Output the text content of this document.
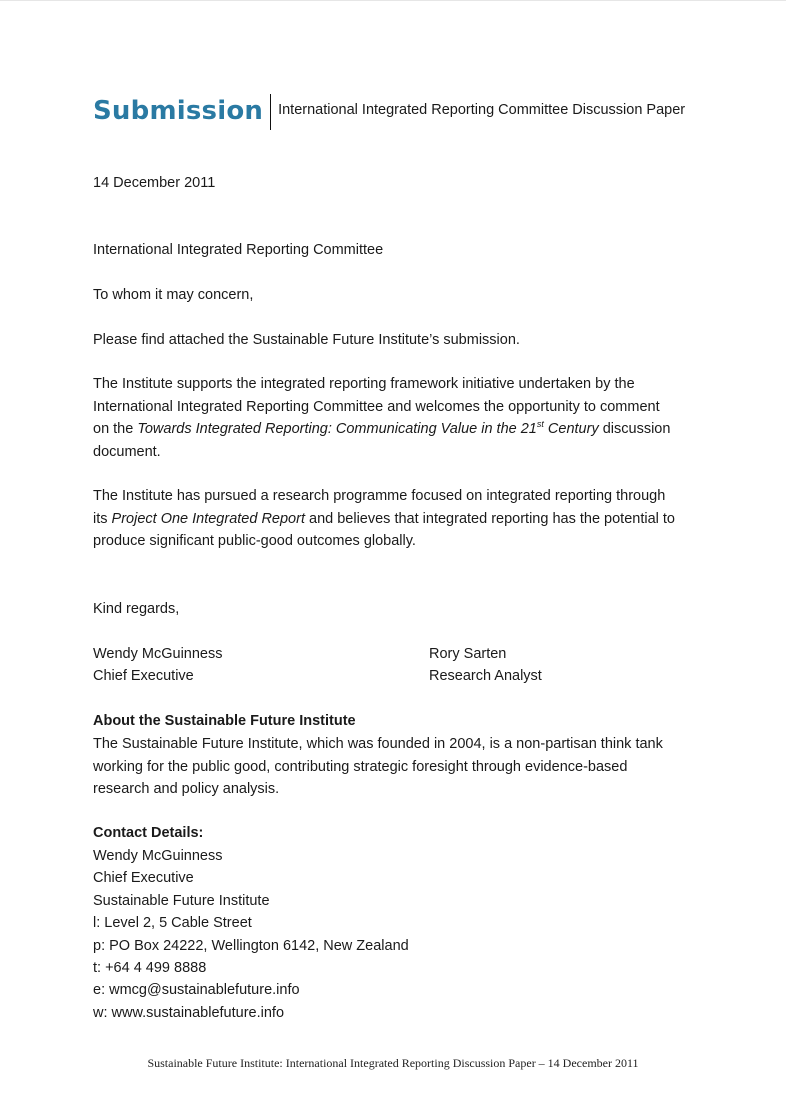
Submission International Integrated Reporting Committee Discussion Paper
14 December 2011
International Integrated Reporting Committee
To whom it may concern,
Please find attached the Sustainable Future Institute’s submission.
The Institute supports the integrated reporting framework initiative undertaken by the
International Integrated Reporting Committee and welcomes the opportunity to comment
on the Towards Integrated Reporting: Communicating Value in the 21st Century discussion
document.
The Institute has pursued a research programme focused on integrated reporting through
its Project One Integrated Report and believes that integrated reporting has the potential to
produce significant public-good outcomes globally.
Kind regards,
Wendy McGuinness
Chief Executive
Rory Sarten
Research Analyst
About the Sustainable Future Institute
The Sustainable Future Institute, which was founded in 2004, is a non-partisan think tank
working for the public good, contributing strategic foresight through evidence-based
research and policy analysis.
Contact Details:
Wendy McGuinness
Chief Executive
Sustainable Future Institute
l: Level 2, 5 Cable Street
p: PO Box 24222, Wellington 6142, New Zealand
t: +64 4 499 8888
e: wmcg@sustainablefuture.info
w: www.sustainablefuture.info
Sustainable Future Institute: International Integrated Reporting Discussion Paper – 14 December 2011
